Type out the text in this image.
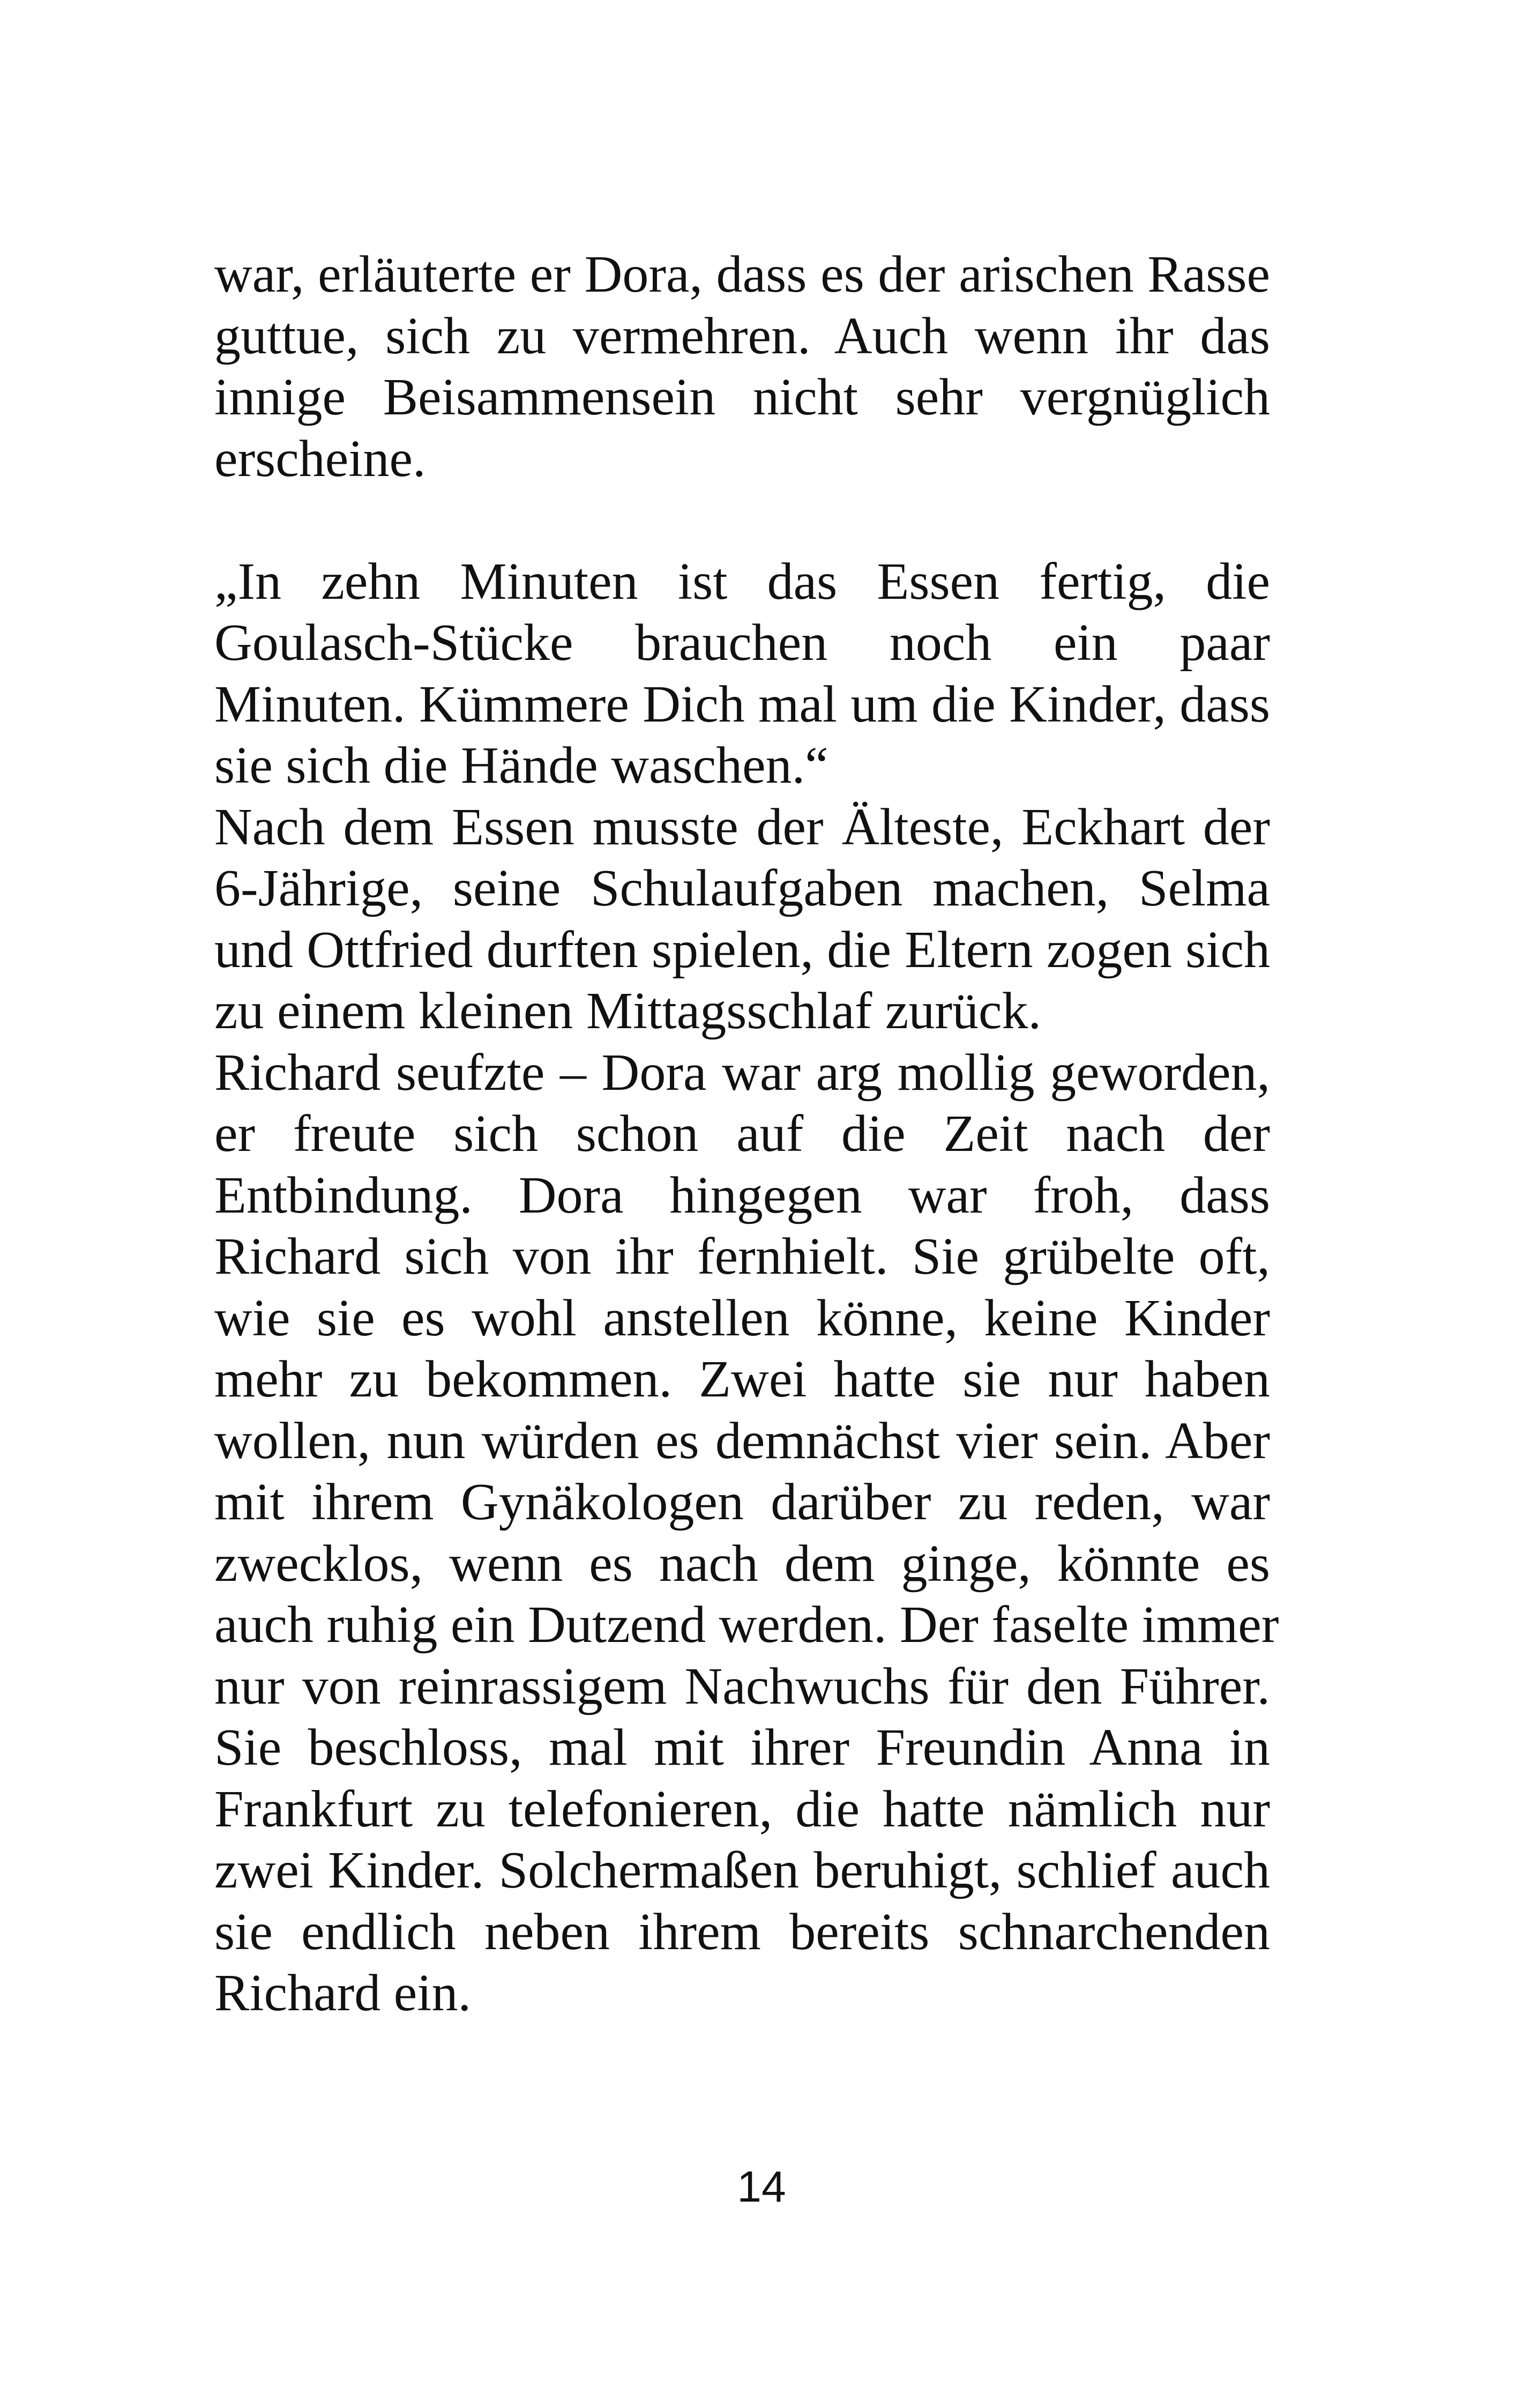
war, erläuterte er Dora, dass es der arischen Rasse
guttue, sich zu vermehren. Auch wenn ihr das
innige Beisammensein nicht sehr vergnüglich
erscheine.
„In zehn Minuten ist das Essen fertig, die
Goulasch-Stücke brauchen noch ein paar
Minuten. Kümmere Dich mal um die Kinder, dass
sie sich die Hände waschen.“
Nach dem Essen musste der Älteste, Eckhart der
6-Jährige, seine Schulaufgaben machen, Selma
und Ottfried durften spielen, die Eltern zogen sich
zu einem kleinen Mittagsschlaf zurück.
Richard seufzte – Dora war arg mollig geworden,
er freute sich schon auf die Zeit nach der
Entbindung. Dora hingegen war froh, dass
Richard sich von ihr fernhielt. Sie grübelte oft,
wie sie es wohl anstellen könne, keine Kinder
mehr zu bekommen. Zwei hatte sie nur haben
wollen, nun würden es demnächst vier sein. Aber
mit ihrem Gynäkologen darüber zu reden, war
zwecklos, wenn es nach dem ginge, könnte es
auch ruhig ein Dutzend werden. Der faselte immer
nur von reinrassigem Nachwuchs für den Führer.
Sie beschloss, mal mit ihrer Freundin Anna in
Frankfurt zu telefonieren, die hatte nämlich nur
zwei Kinder. Solchermaßen beruhigt, schlief auch
sie endlich neben ihrem bereits schnarchenden
Richard ein.
14
